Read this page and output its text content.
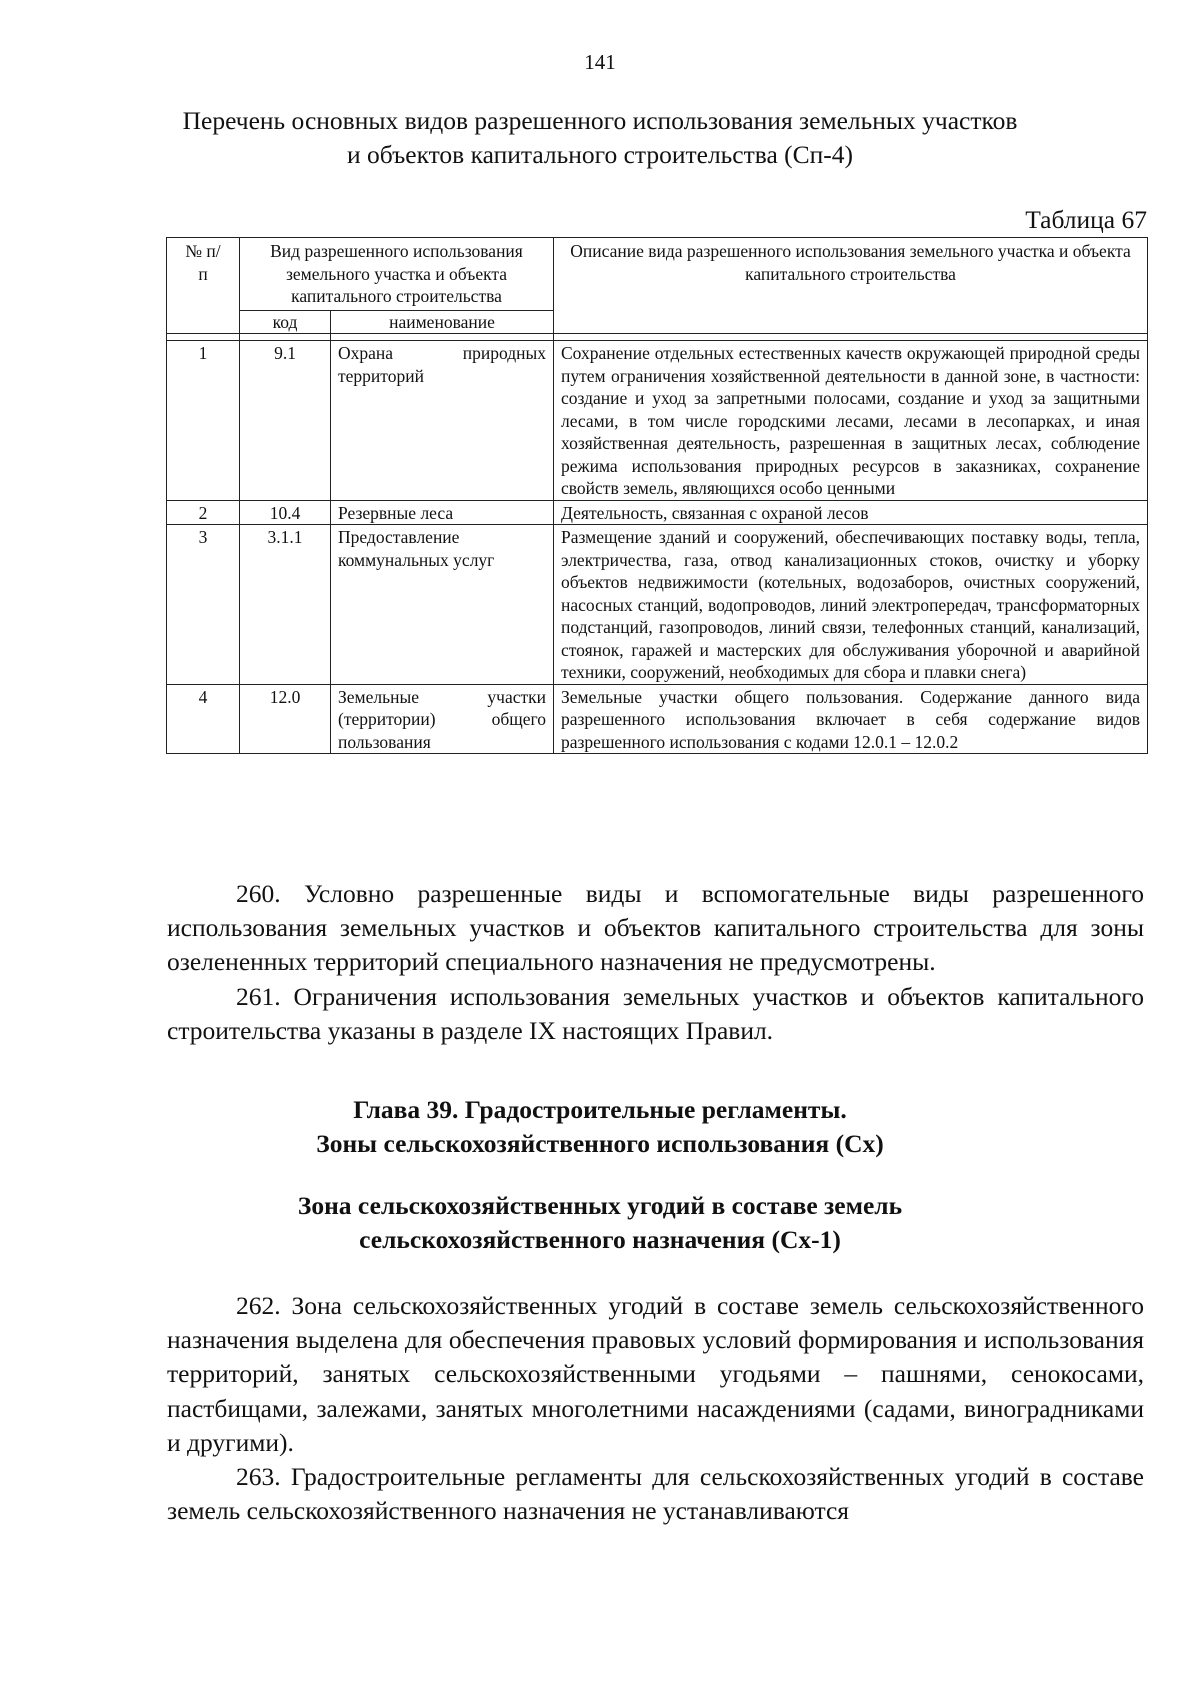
141
Перечень основных видов разрешенного использования земельных участков
и объектов капитального строительства (Сп-4)
Таблица 67
№ п/п	Вид разрешенного использования земельного участка и объекта капитального строительства		Описание вида разрешенного использования земельного участка и объекта капитального строительства
	код	наименование	

1	9.1	Охрана природных территорий	Сохранение отдельных естественных качеств окружающей природной среды путем ограничения хозяйственной деятельности в данной зоне, в частности: создание и уход за запретными полосами, создание и уход за защитными лесами, в том числе городскими лесами, лесами в лесопарках, и иная хозяйственная деятельность, разрешенная в защитных лесах, соблюдение режима использования природных ресурсов в заказниках, сохранение свойств земель, являющихся особо ценными
2	10.4	Резервные леса	Деятельность, связанная с охраной лесов
3	3.1.1	Предоставление коммунальных услуг	Размещение зданий и сооружений, обеспечивающих поставку воды, тепла, электричества, газа, отвод канализационных стоков, очистку и уборку объектов недвижимости (котельных, водозаборов, очистных сооружений, насосных станций, водопроводов, линий электропередач, трансформаторных подстанций, газопроводов, линий связи, телефонных станций, канализаций, стоянок, гаражей и мастерских для обслуживания уборочной и аварийной техники, сооружений, необходимых для сбора и плавки снега)
4	12.0	Земельные участки (территории) общего пользования	Земельные участки общего пользования. Содержание данного вида разрешенного использования включает в себя содержание видов разрешенного использования с кодами 12.0.1 – 12.0.2

260. Условно разрешенные виды и вспомогательные виды разрешенного использования земельных участков и объектов капитального строительства для зоны озелененных территорий специального назначения не предусмотрены.

261. Ограничения использования земельных участков и объектов капитального строительства указаны в разделе IX настоящих Правил.

Глава 39. Градостроительные регламенты.
Зоны сельскохозяйственного использования (Сх)
Зона сельскохозяйственных угодий в составе земель
сельскохозяйственного назначения (Сх-1)

262. Зона сельскохозяйственных угодий в составе земель сельскохозяйственного назначения выделена для обеспечения правовых условий формирования и использования территорий, занятых сельскохозяйственными угодьями – пашнями, сенокосами, пастбищами, залежами, занятых многолетними насаждениями (садами, виноградниками и другими).

263. Градостроительные регламенты для сельскохозяйственных угодий в составе земель сельскохозяйственного назначения не устанавливаются
